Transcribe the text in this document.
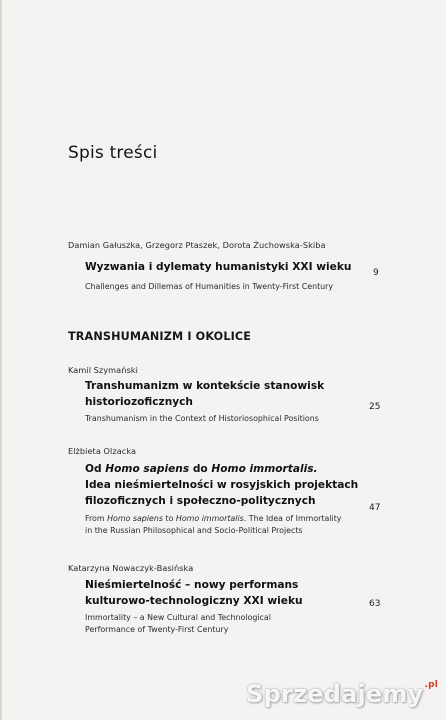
Spis treści
Damian Gałuszka, Grzegorz Ptaszek, Dorota Żuchowska-Skiba
Wyzwania i dylematy humanistyki XXI wieku
Challenges and Dillemas of Humanities in Twenty-First Century
9
TRANSHUMANIZM I OKOLICE
Kamil Szymański
Transhumanizm w kontekście stanowisk
historiozoficznych
Transhumanism in the Context of Historiosophical Positions
25
Elżbieta Olzacka
Od Homo sapiens do Homo immortalis.
Idea nieśmiertelności w rosyjskich projektach
filozoficznych i społeczno-politycznych
From Homo sapiens to Homo immortalis. The Idea of Immortality
in the Russian Philosophical and Socio-Political Projects
47
Katarzyna Nowaczyk-Basińska
Nieśmiertelność – nowy performans
kulturowo-technologiczny XXI wieku
Immortality – a New Cultural and Technological
Performance of Twenty-First Century
63
Sprzedajemy$^{.pl}$
